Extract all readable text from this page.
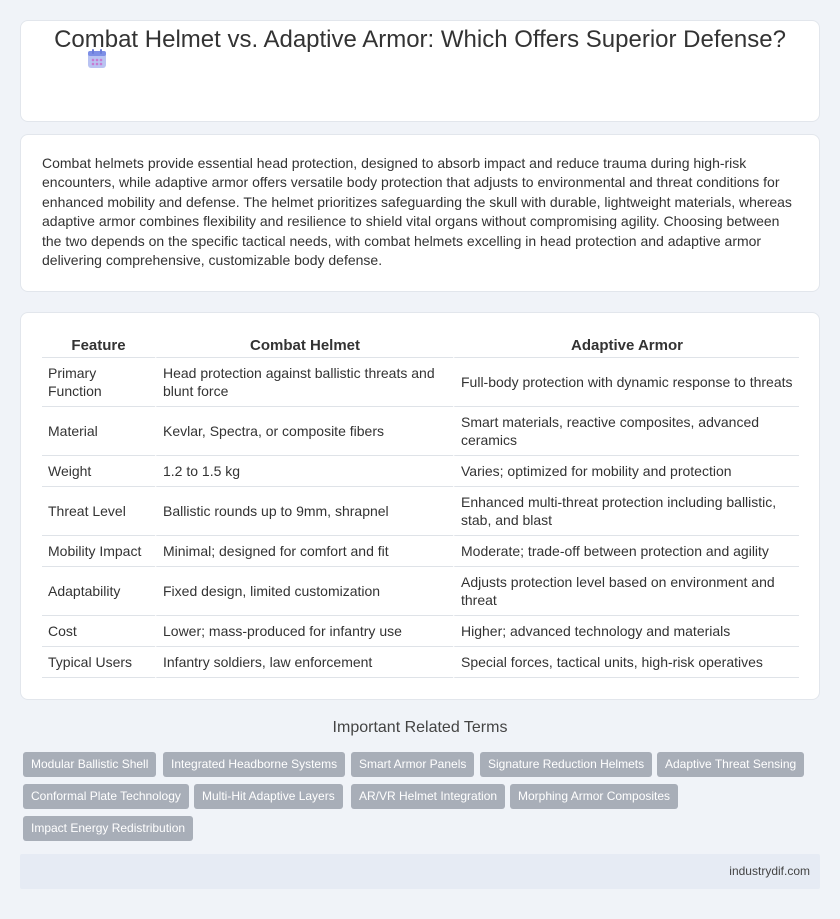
Combat Helmet vs. Adaptive Armor: Which Offers Superior Defense?

Combat helmets provide essential head protection, designed to absorb impact and reduce trauma during high-risk encounters, while adaptive armor offers versatile body protection that adjusts to environmental and threat conditions for enhanced mobility and defense. The helmet prioritizes safeguarding the skull with durable, lightweight materials, whereas adaptive armor combines flexibility and resilience to shield vital organs without compromising agility. Choosing between the two depends on the specific tactical needs, with combat helmets excelling in head protection and adaptive armor delivering comprehensive, customizable body defense.

Feature	Combat Helmet	Adaptive Armor
Primary Function	Head protection against ballistic threats and blunt force	Full-body protection with dynamic response to threats
Material	Kevlar, Spectra, or composite fibers	Smart materials, reactive composites, advanced ceramics
Weight	1.2 to 1.5 kg	Varies; optimized for mobility and protection
Threat Level	Ballistic rounds up to 9mm, shrapnel	Enhanced multi-threat protection including ballistic, stab, and blast
Mobility Impact	Minimal; designed for comfort and fit	Moderate; trade-off between protection and agility
Adaptability	Fixed design, limited customization	Adjusts protection level based on environment and threat
Cost	Lower; mass-produced for infantry use	Higher; advanced technology and materials
Typical Users	Infantry soldiers, law enforcement	Special forces, tactical units, high-risk operatives
Important Related Terms
Modular Ballistic Shell	Integrated Headborne Systems	Smart Armor Panels	Signature Reduction Helmets	Adaptive Threat Sensing
Conformal Plate Technology	Multi-Hit Adaptive Layers	AR/VR Helmet Integration	Morphing Armor Composites
Impact Energy Redistribution
industrydif.com
